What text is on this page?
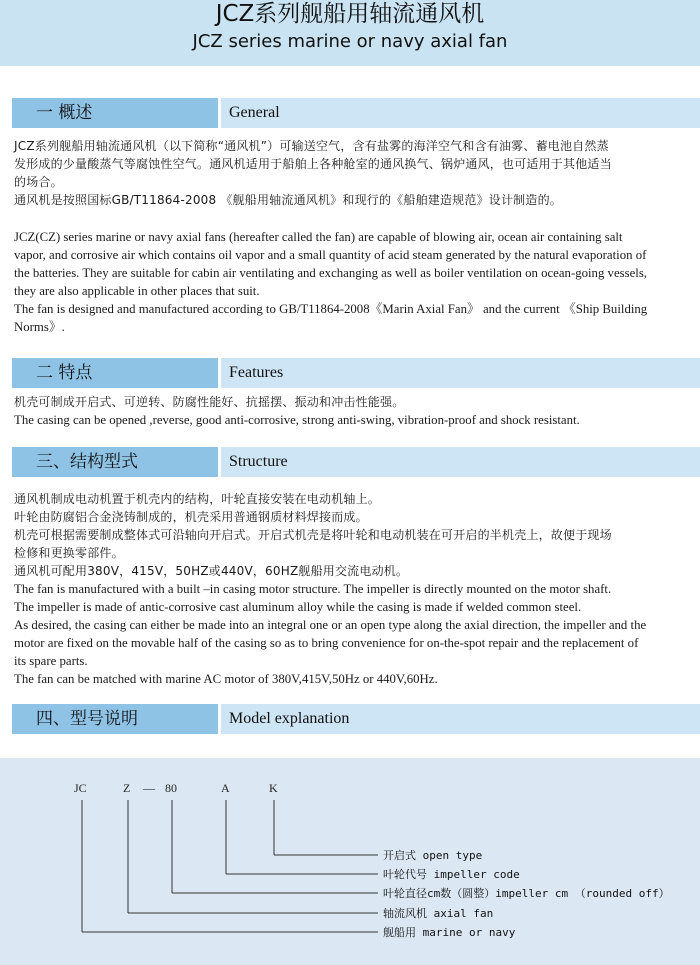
JCZ系列舰船用轴流通风机
JCZ series marine or navy axial fan
一 概述	General

JCZ系列舰船用轴流通风机（以下简称“通风机”）可输送空气，含有盐雾的海洋空气和含有油雾、蓄电池自然蒸

发形成的少量酸蒸气等腐蚀性空气。通风机适用于船舶上各种舱室的通风换气、锅炉通风，也可适用于其他适当

的场合。

通风机是按照国标GB/T11864-2008 《舰船用轴流通风机》和现行的《船舶建造规范》设计制造的。

JCZ(CZ) series marine or navy axial fans (hereafter called the fan) are capable of blowing air, ocean air containing salt

vapor, and corrosive air which contains oil vapor and a small quantity of acid steam generated by the natural evaporation of

the batteries. They are suitable for cabin air ventilating and exchanging as well as boiler ventilation on ocean-going vessels,

they are also applicable in other places that suit.

The fan is designed and manufactured according to GB/T11864-2008《Marin Axial Fan》 and the current 《Ship Building

Norms》.

二 特点	Features

机壳可制成开启式、可逆转、防腐性能好、抗摇摆、振动和冲击性能强。

The casing can be opened ,reverse, good anti-corrosive, strong anti-swing, vibration-proof and shock resistant.

三、结构型式	Structure

通风机制成电动机置于机壳内的结构，叶轮直接安装在电动机轴上。

叶轮由防腐铝合金浇铸制成的，机壳采用普通钢质材料焊接而成。

机壳可根据需要制成整体式可沿轴向开启式。开启式机壳是将叶轮和电动机装在可开启的半机壳上，故便于现场

检修和更换零部件。

通风机可配用380V，415V，50HZ或440V，60HZ舰船用交流电动机。

The fan is manufactured with a built –in casing motor structure. The impeller is directly mounted on the motor shaft.

The impeller is made of antic-corrosive cast aluminum alloy while the casing is made if welded common steel.

As desired, the casing can either be made into an integral one or an open type along the axial direction, the impeller and the

motor are fixed on the movable half of the casing so as to bring convenience for on-the-spot repair and the replacement of

its spare parts.

The fan can be matched with marine AC motor of 380V,415V,50Hz or 440V,60Hz.

四、型号说明	Model explanation
JC	Z — 80	A	K
开启式 open type
叶轮代号 impeller code
叶轮直径cm数（圆整）impeller cm （rounded off）
轴流风机 axial fan
舰船用 marine or navy
